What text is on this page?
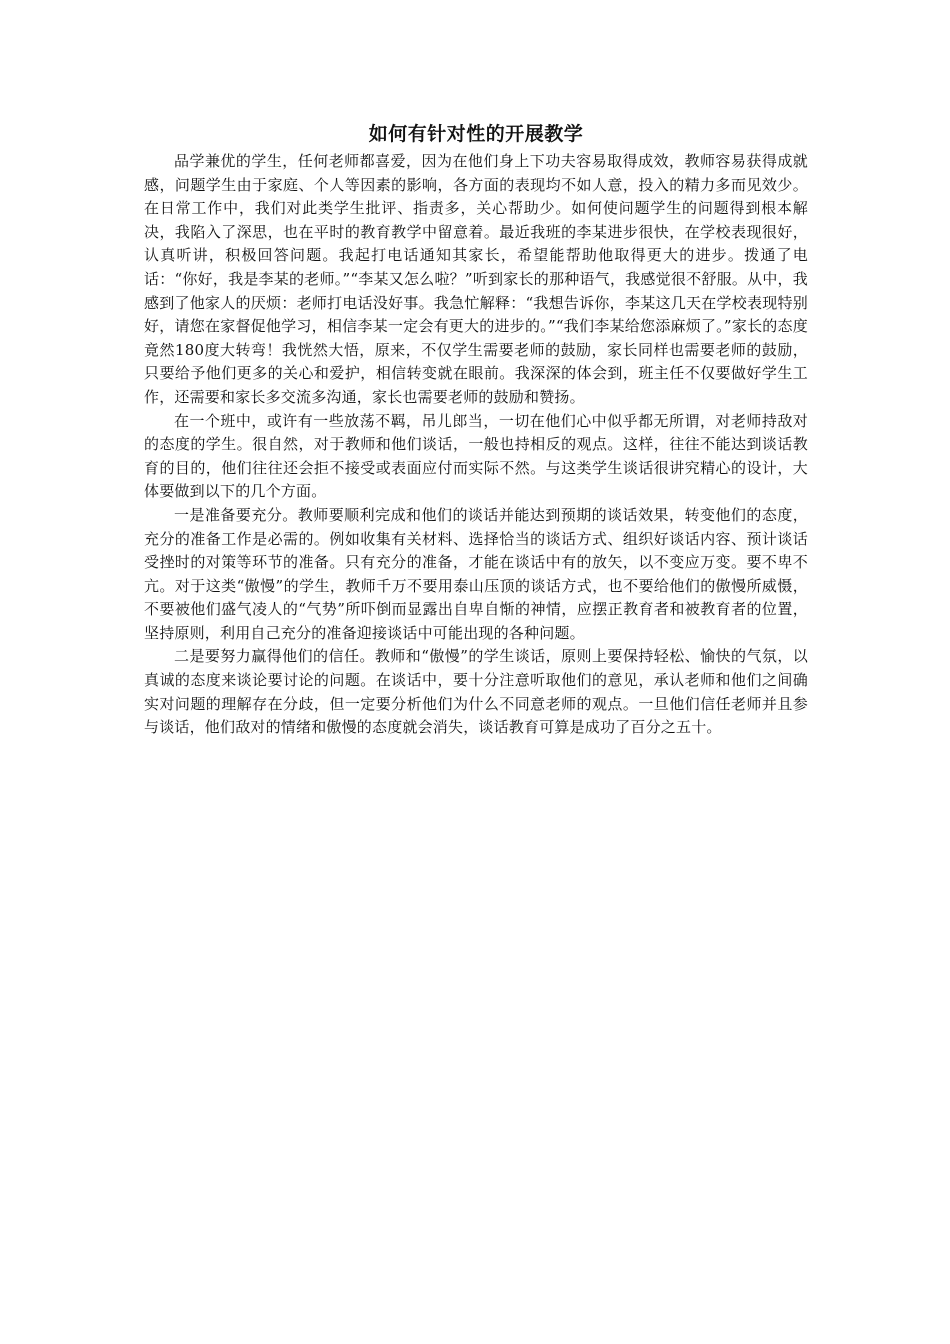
如何有针对性的开展教学

品学兼优的学生，任何老师都喜爱，因为在他们身上下功夫容易取得成效，教师容易获得成就感，问题学生由于家庭、个人等因素的影响，各方面的表现均不如人意，投入的精力多而见效少。在日常工作中，我们对此类学生批评、指责多，关心帮助少。如何使问题学生的问题得到根本解决，我陷入了深思，也在平时的教育教学中留意着。最近我班的李某进步很快，在学校表现很好，认真听讲，积极回答问题。我起打电话通知其家长，希望能帮助他取得更大的进步。拨通了电话：“你好，我是李某的老师。”“李某又怎么啦？”听到家长的那种语气，我感觉很不舒服。从中，我感到了他家人的厌烦：老师打电话没好事。我急忙解释：“我想告诉你，李某这几天在学校表现特别好，请您在家督促他学习，相信李某一定会有更大的进步的。”“我们李某给您添麻烦了。”家长的态度竟然180度大转弯！我恍然大悟，原来，不仅学生需要老师的鼓励，家长同样也需要老师的鼓励，只要给予他们更多的关心和爱护，相信转变就在眼前。我深深的体会到，班主任不仅要做好学生工作，还需要和家长多交流多沟通，家长也需要老师的鼓励和赞扬。

在一个班中，或许有一些放荡不羁，吊儿郎当，一切在他们心中似乎都无所谓，对老师持敌对的态度的学生。很自然，对于教师和他们谈话，一般也持相反的观点。这样，往往不能达到谈话教育的目的，他们往往还会拒不接受或表面应付而实际不然。与这类学生谈话很讲究精心的设计，大体要做到以下的几个方面。

一是准备要充分。教师要顺利完成和他们的谈话并能达到预期的谈话效果，转变他们的态度，充分的准备工作是必需的。例如收集有关材料、选择恰当的谈话方式、组织好谈话内容、预计谈话受挫时的对策等环节的准备。只有充分的准备，才能在谈话中有的放矢，以不变应万变。要不卑不亢。对于这类“傲慢”的学生，教师千万不要用泰山压顶的谈话方式，也不要给他们的傲慢所威慑，不要被他们盛气凌人的“气势”所吓倒而显露出自卑自惭的神情，应摆正教育者和被教育者的位置，坚持原则，利用自己充分的准备迎接谈话中可能出现的各种问题。

二是要努力赢得他们的信任。教师和“傲慢”的学生谈话，原则上要保持轻松、愉快的气氛，以真诚的态度来谈论要讨论的问题。在谈话中，要十分注意听取他们的意见，承认老师和他们之间确实对问题的理解存在分歧，但一定要分析他们为什么不同意老师的观点。一旦他们信任老师并且参与谈话，他们敌对的情绪和傲慢的态度就会消失，谈话教育可算是成功了百分之五十。
